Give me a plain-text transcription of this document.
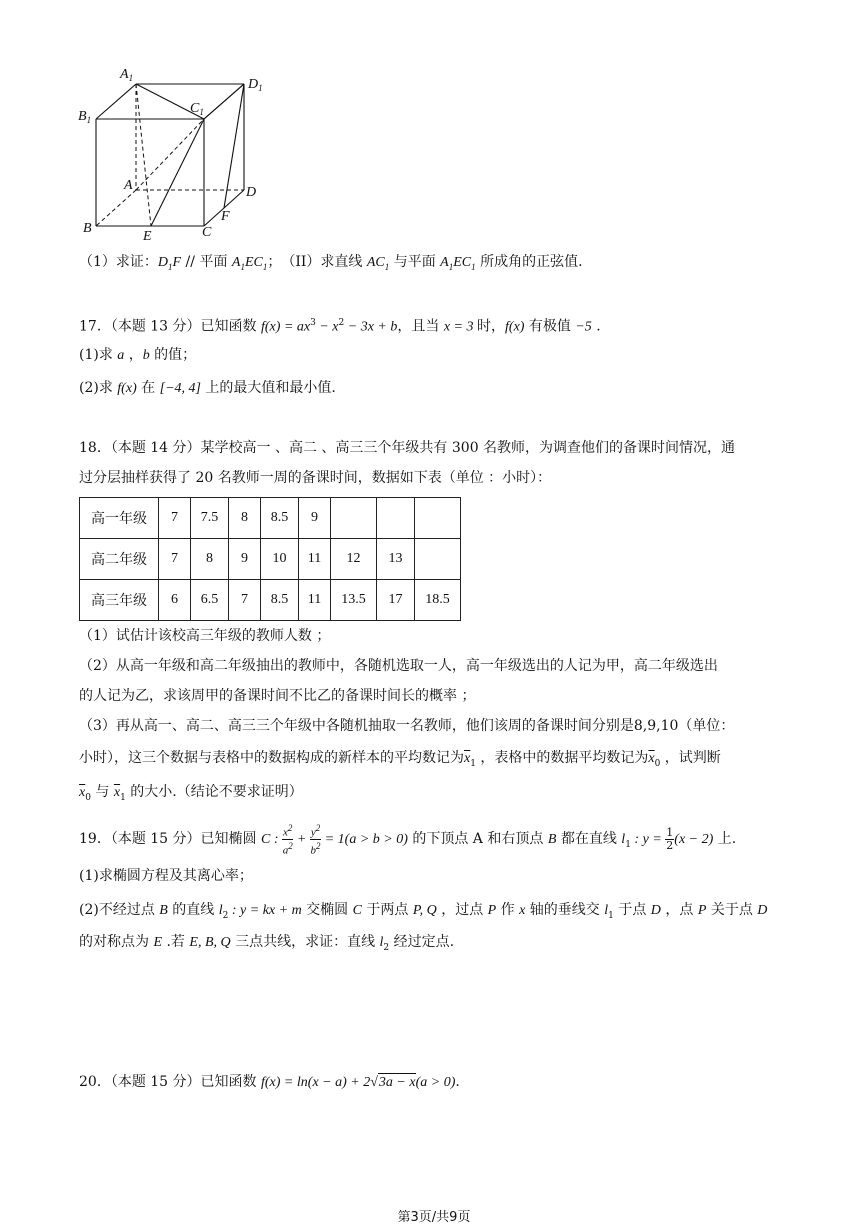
$A_1$	$D_1$
$B_1$
$C_1$
A	D
B
E	C
F
（1）求证：$D_1F$ // 平面 $A_1EC_1$；　（II）求直线 $AC_1$ 与平面 $A_1EC_1$ 所成角的正弦值.
17．（本题 13 分）已知函数 $f(x) = ax^3 - x^2 - 3x + b$，且当 x = 3 时，f(x) 有极值 −5 .
(1)求 a ，b 的值；
(2)求 f(x) 在 [−4, 4] 上的最大值和最小值.
18．（本题 14 分）某学校高一 、高二 、高三三个年级共有 300 名教师，为调查他们的备课时间情况，通
过分层抽样获得了 20 名教师一周的备课时间，数据如下表（单位 ：小时）：
高一年级	7	7.5	8	8.5	9			
高二年级	7	8	9	10	11	12	13	
高三年级	6	6.5	7	8.5	11	13.5	17	18.5
（1）试估计该校高三年级的教师人数 ；
（2）从高一年级和高二年级抽出的教师中，各随机选取一人，高一年级选出的人记为甲，高二年级选出
的人记为乙，求该周甲的备课时间不比乙的备课时间长的概率 ；
（3）再从高一、高二、高三三个年级中各随机抽取一名教师，他们该周的备课时间分别是8,9,10（单位：
小时），这三个数据与表格中的数据构成的新样本的平均数记为$\overline{x}_1$ ，表格中的数据平均数记为$\overline{x}_0$ ，试判断
$\overline{x}_0$ 与 $\overline{x}_1$ 的大小.（结论不要求证明）
19．（本题 15 分）已知椭圆 C : $\frac{x^2}{a^2} + \frac{y^2}{b^2} = 1(a > b > 0)$ 的下顶点 A 和右顶点 B 都在直线 $l_1$ : $y = \frac{1}{2} (x - 2)$ 上.
(1)求椭圆方程及其离心率；
(2)不经过点 B 的直线 $l_2$ : y = kx + m 交椭圆 C 于两点 P, Q ，过点 P 作 x 轴的垂线交 $l_1$ 于点 D ，点 P 关于点 D
的对称点为 E .若 E, B, Q 三点共线，求证：直线 $l_2$ 经过定点.
20．（本题 15 分）已知函数 f(x) = ln(x − a) + 2√3a − x(a > 0).
第3页/共9页
